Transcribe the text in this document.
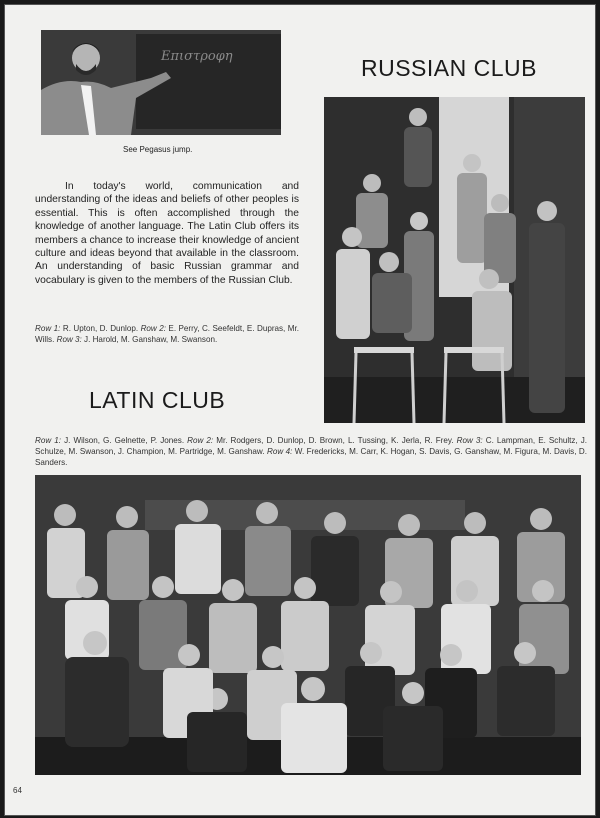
Επιστροφη
See Pegasus jump.
RUSSIAN CLUB
In today's world, communication and understanding of the ideas and beliefs of other peoples is essential. This is often accomplished through the knowledge of another language. The Latin Club offers its members a chance to increase their knowledge of ancient culture and ideas beyond that available in the classroom. An understanding of basic Russian grammar and vocabulary is given to the members of the Russian Club.
Row 1: R. Upton, D. Dunlop. Row 2: E. Perry, C. Seefeldt, E. Dupras, Mr. Wills. Row 3: J. Harold, M. Ganshaw, M. Swanson.
LATIN CLUB
Row 1: J. Wilson, G. Gelnette, P. Jones. Row 2: Mr. Rodgers, D. Dunlop, D. Brown, L. Tussing, K. Jerla, R. Frey. Row 3: C. Lampman, E. Schultz, J. Schulze, M. Swanson, J. Champion, M. Partridge, M. Ganshaw. Row 4: W. Fredericks, M. Carr, K. Hogan, S. Davis, G. Ganshaw, M. Figura, M. Davis, D. Sanders.
64
